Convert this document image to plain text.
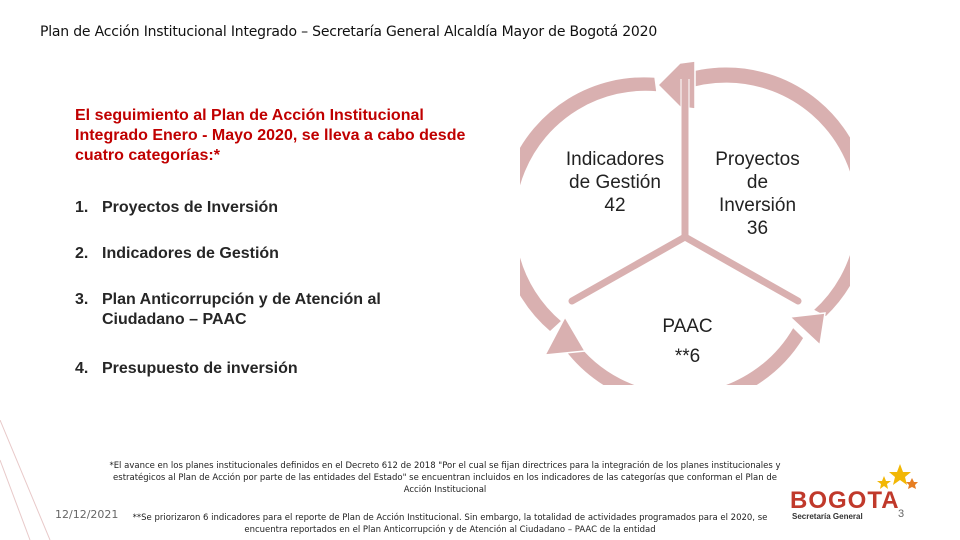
Plan de Acción Institucional Integrado – Secretaría General Alcaldía Mayor de Bogotá 2020
El seguimiento al Plan de Acción Institucional Integrado Enero - Mayo 2020, se lleva a cabo desde cuatro categorías:*
1. Proyectos de Inversión
2. Indicadores de Gestión
3. Plan Anticorrupción y de Atención al Ciudadano – PAAC
4. Presupuesto de inversión
Indicadores
de Gestión
42
Proyectos
de
Inversión
36
PAAC
**6
*El avance en los planes institucionales definidos en el Decreto 612 de 2018 "Por el cual se fijan directrices para la integración de los planes institucionales y estratégicos al Plan de Acción por parte de las entidades del Estado" se encuentran incluidos en los indicadores de las categorías que conforman el Plan de Acción Institucional
**Se priorizaron 6 indicadores para el reporte de Plan de Acción Institucional. Sin embargo, la totalidad de actividades programados para el 2020, se encuentra reportados en el Plan Anticorrupción y de Atención al Ciudadano – PAAC de la entidad
12/12/2021
BOGOTA
Secretaría General	3
